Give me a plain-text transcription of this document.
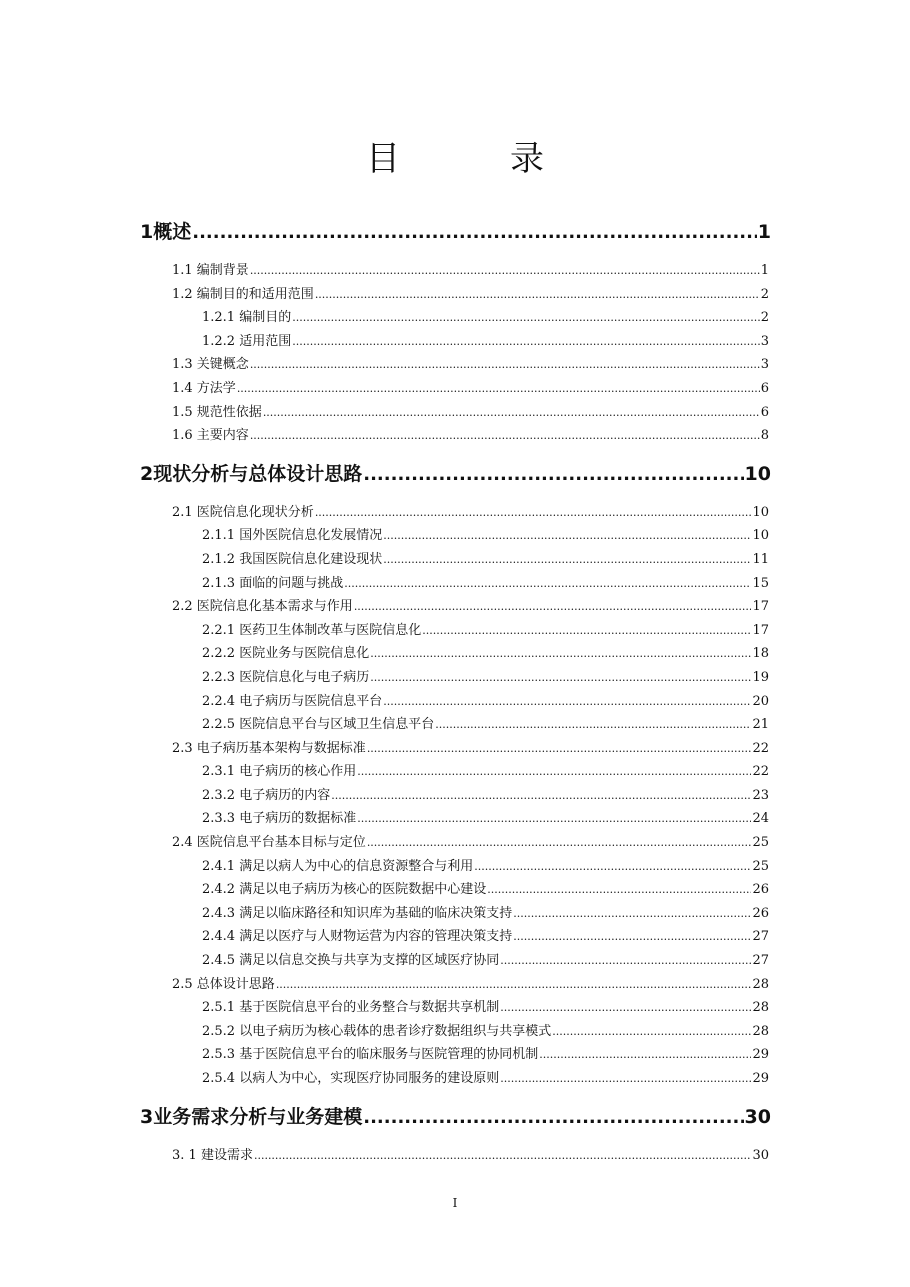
目　录
1 概述 .....	1
1.1 编制背景 .....	1
1.2 编制目的和适用范围 .....	2
1.2.1 编制目的 .....	2
1.2.2 适用范围 .....	3
1.3 关键概念 .....	3
1.4 方法学 .....	6
1.5 规范性依据 .....	6
1.6 主要内容 .....	8
2 现状分析与总体设计思路 .....	10
2.1 医院信息化现状分析 .....	10
2.1.1 国外医院信息化发展情况 .....	10
2.1.2 我国医院信息化建设现状 .....	11
2.1.3 面临的问题与挑战 .....	15
2.2 医院信息化基本需求与作用 .....	17
2.2.1 医药卫生体制改革与医院信息化 .....	17
2.2.2 医院业务与医院信息化 .....	18
2.2.3 医院信息化与电子病历 .....	19
2.2.4 电子病历与医院信息平台 .....	20
2.2.5 医院信息平台与区域卫生信息平台 .....	21
2.3 电子病历基本架构与数据标准 .....	22
2.3.1 电子病历的核心作用 .....	22
2.3.2 电子病历的内容 .....	23
2.3.3 电子病历的数据标准 .....	24
2.4 医院信息平台基本目标与定位 .....	25
2.4.1 满足以病人为中心的信息资源整合与利用 .....	25
2.4.2 满足以电子病历为核心的医院数据中心建设 .....	26
2.4.3 满足以临床路径和知识库为基础的临床决策支持 .....	26
2.4.4 满足以医疗与人财物运营为内容的管理决策支持 .....	27
2.4.5 满足以信息交换与共享为支撑的区域医疗协同 .....	27
2.5 总体设计思路 .....	28
2.5.1 基于医院信息平台的业务整合与数据共享机制 .....	28
2.5.2 以电子病历为核心载体的患者诊疗数据组织与共享模式 .....	28
2.5.3 基于医院信息平台的临床服务与医院管理的协同机制 .....	29
2.5.4 以病人为中心，实现医疗协同服务的建设原则 .....	29
3 业务需求分析与业务建模 .....	30
3. 1 建设需求 .....	30
I
